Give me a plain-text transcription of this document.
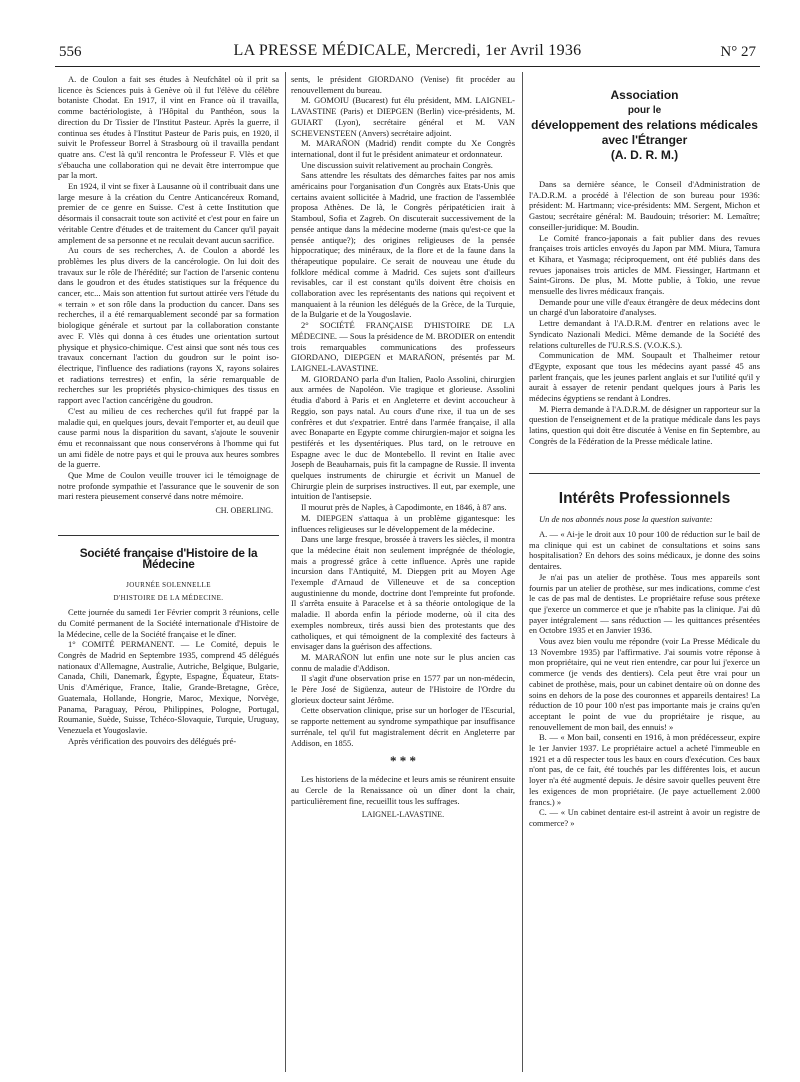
556	LA PRESSE MÉDICALE, Mercredi, 1er Avril 1936	N° 27

A. de Coulon a fait ses études à Neufchâtel où il prit sa licence ès Sciences puis à Genève où il fut l'élève du célèbre botaniste Chodat. En 1917, il vint en France où il travailla, comme bactériologiste, à l'Hôpital du Panthéon, sous la direction du Dr Tissier de l'Institut Pasteur. Après la guerre, il continua ses études à l'Institut Pasteur de Paris puis, en 1920, il suivit le Professeur Borrel à Strasbourg où il travailla pendant quatre ans. C'est là qu'il rencontra le Professeur F. Vlès et que s'ébaucha une collaboration qui ne devait être interrompue que par la mort.

En 1924, il vint se fixer à Lausanne où il contribuait dans une large mesure à la création du Centre Anticancéreux Romand, premier de ce genre en Suisse. C'est à cette Institution que désormais il consacrait toute son activité et c'est pour en faire un véritable Centre d'études et de traitement du Cancer qu'il payait amplement de sa personne et ne reculait devant aucun sacrifice.

Au cours de ses recherches, A. de Coulon a abordé les problèmes les plus divers de la cancérologie. On lui doit des travaux sur le rôle de l'hérédité; sur l'action de l'arsenic contenu dans le goudron et des études statistiques sur la fréquence du cancer, etc... Mais son attention fut surtout attirée vers l'étude du « terrain » et son rôle dans la production du cancer. Dans ses recherches, il a été remarquablement secondé par sa formation biologique générale et surtout par la collaboration constante avec F. Vlès qui donna à ces études une orientation surtout physique et physico-chimique. C'est ainsi que sont nés tous ces travaux concernant l'action du goudron sur le point iso-électrique, l'influence des radiations (rayons X, rayons solaires et radiations terrestres) et enfin, la série remarquable de recherches sur les propriétés physico-chimiques des tissus en rapport avec l'action cancérigène du goudron.

C'est au milieu de ces recherches qu'il fut frappé par la maladie qui, en quelques jours, devait l'emporter et, au deuil que cause parmi nous la disparition du savant, s'ajoute le souvenir ému et reconnaissant que nous conservérons à l'homme qui fut un ami fidèle de notre pays et qui le prouva aux heures sombres de la guerre.

Que Mme de Coulon veuille trouver ici le témoignage de notre profonde sympathie et l'assurance que le souvenir de son mari restera pieusement conservé dans notre mémoire.

CH. OBERLING.
Société française d'Histoire de la Médecine
JOURNÉE SOLENNELLE
D'HISTOIRE DE LA MÉDECINE.

Cette journée du samedi 1er Février comprit 3 réunions, celle du Comité permanent de la Société internationale d'Histoire de la Médecine, celle de la Société française et le dîner.

1° COMITÉ PERMANENT. — Le Comité, depuis le Congrès de Madrid en Septembre 1935, comprend 45 délégués nationaux d'Allemagne, Australie, Autriche, Belgique, Bulgarie, Canada, Chili, Danemark, Égypte, Espagne, Équateur, Etats-Unis d'Amérique, France, Italie, Grande-Bretagne, Grèce, Guatemala, Hollande, Hongrie, Maroc, Mexique, Norvège, Panama, Paraguay, Pérou, Philippines, Pologne, Portugal, Roumanie, Suède, Suisse, Tchéco-Slovaquie, Turquie, Uruguay, Venezuela et Yougoslavie.

Après vérification des pouvoirs des délégués pré-

sents, le président GIORDANO (Venise) fit procéder au renouvellement du bureau.

M. GOMOIU (Bucarest) fut élu président, MM. LAIGNEL-LAVASTINE (Paris) et DIEPGEN (Berlin) vice-présidents, M. GUIART (Lyon), secrétaire général et M. VAN SCHEVENSTEEN (Anvers) secrétaire adjoint.

M. MARAÑON (Madrid) rendit compte du Xe Congrès international, dont il fut le président animateur et ordonnateur.

Une discussion suivit relativement au prochain Congrès.

Sans attendre les résultats des démarches faites par nos amis américains pour l'organisation d'un Congrès aux Etats-Unis que certains avaient sollicitée à Madrid, une fraction de l'assemblée proposa Athènes. De là, le Congrès péripatéticien irait à Stamboul, Sofia et Zagreb. On discuterait successivement de la pensée antique dans la médecine moderne (mais qu'est-ce que la pensée antique?); des origines religieuses de la pensée hippocratique; des minéraux, de la flore et de la faune dans la thérapeutique populaire. Ce serait de nouveau une étude du folklore médical comme à Madrid. Ces sujets sont d'ailleurs revisables, car il est constant qu'ils doivent être choisis en collaboration avec les représentants des nations qui reçoivent et manquaient à la réunion les délégués de la Grèce, de la Turquie, de la Bulgarie et de la Yougoslavie.

2° SOCIÉTÉ FRANÇAISE D'HISTOIRE DE LA MÉDECINE. — Sous la présidence de M. BRODIER on entendit trois remarquables communications des professeurs GIORDANO, DIEPGEN et MARAÑON, présentés par M. LAIGNEL-LAVASTINE.

M. GIORDANO parla d'un Italien, Paolo Assolini, chirurgien aux armées de Napoléon. Vie tragique et glorieuse. Assolini étudia d'abord à Paris et en Angleterre et devint accoucheur à Reggio, son pays natal. Au cours d'une rixe, il tua un de ses confrères et dut s'expatrier. Entré dans l'armée française, il alla avec Bonaparte en Egypte comme chirurgien-major et soigna les pestiférés et les dysentériques. Plus tard, on le retrouve en Espagne avec le duc de Montebello. Il revint en Italie avec Joseph de Beauharnais, puis fit la campagne de Russie. Il inventa quelques instruments de chirurgie et écrivit un Manuel de Chirurgie plein de surprises instructives. Il eut, par exemple, une intuition de l'antisepsie.

Il mourut près de Naples, à Capodimonte, en 1846, à 87 ans.

M. DIEPGEN s'attaqua à un problème gigantesque: les influences religieuses sur le développement de la médecine.

Dans une large fresque, brossée à travers les siècles, il montra que la médecine était non seulement imprégnée de théologie, mais a progressé grâce à cette influence. Après une rapide incursion dans l'Antiquité, M. Diepgen prit au Moyen Age l'exemple d'Arnaud de Villeneuve et de sa conception augustinienne du monde, doctrine dont l'empreinte fut profonde. Il s'arrêta ensuite à Paracelse et à sa théorie ontologique de la maladie. Il aborda enfin la période moderne, où il cita des exemples nombreux, tirés aussi bien des protestants que des catholiques, et qui témoignent de la complexité des facteurs à envisager dans la guérison des affections.

M. MARAÑON lut enfin une note sur le plus ancien cas connu de maladie d'Addison.

Il s'agit d'une observation prise en 1577 par un non-médecin, le Père José de Sigüenza, auteur de l'Histoire de l'Ordre du glorieux docteur saint Jérôme.

Cette observation clinique, prise sur un horloger de l'Escurial, se rapporte nettement au syndrome sympathique par insuffisance surrénale, tel qu'il fut magistralement décrit en Angleterre par Addison, en 1855.

* * *

Les historiens de la médecine et leurs amis se réunirent ensuite au Cercle de la Renaissance où un dîner dont la chair, particulièrement fine, recueillit tous les suffrages.

LAIGNEL-LAVASTINE.
Association
pour le
développement des relations médicales
avec l'Étranger
(A. D. R. M.)

Dans sa dernière séance, le Conseil d'Administration de l'A.D.R.M. a procédé à l'élection de son bureau pour 1936: président: M. Hartmann; vice-présidents: MM. Sergent, Michon et Gastou; secrétaire général: M. Baudouin; trésorier: M. Lemaître; conseiller-juridique: M. Boudin.

Le Comité franco-japonais a fait publier dans des revues françaises trois articles envoyés du Japon par MM. Miura, Tamura et Kihara, et Yasmaga; réciproquement, ont été publiés dans des revues japonaises trois articles de MM. Fiessinger, Hartmann et Saint-Girons. De plus, M. Motte publie, à Tokio, une revue mensuelle des livres médicaux français.

Demande pour une ville d'eaux étrangère de deux médecins dont un chargé d'un laboratoire d'analyses.

Lettre demandant à l'A.D.R.M. d'entrer en relations avec le Syndicato Nazionali Medici. Même demande de la Société des relations culturelles de l'U.R.S.S. (V.O.K.S.).

Communication de MM. Soupault et Thalheimer retour d'Egypte, exposant que tous les médecins ayant passé 45 ans parlent français, que les jeunes parlent anglais et sur l'utilité qu'il y aurait à essayer de retenir pendant quelques jours à Paris les médecins égyptiens se rendant à Londres.

M. Pierra demande à l'A.D.R.M. de désigner un rapporteur sur la question de l'enseignement et de la pratique médicale dans les pays latins, question qui doit être discutée à Venise en fin Septembre, au Congrès de la Fédération de la Presse médicale latine.

Intérêts Professionnels

Un de nos abonnés nous pose la question suivante:

A. — « Ai-je le droit aux 10 pour 100 de réduction sur le bail de ma clinique qui est un cabinet de consultations et soins sans hospitalisation? En dehors des soins médicaux, je donne des soins dentaires.

Je n'ai pas un atelier de prothèse. Tous mes appareils sont fournis par un atelier de prothèse, sur mes indications, comme c'est le cas de pas mal de dentistes. Le propriétaire refuse sous prétexe que j'exerce un commerce et que je n'habite pas la clinique. J'ai dû payer intégralement — sans réduction — les quittances présentées en Octobre 1935 et en Janvier 1936.

Vous avez bien voulu me répondre (voir La Presse Médicale du 13 Novembre 1935) par l'affirmative. J'ai soumis votre réponse à mon propriétaire, qui ne veut rien entendre, car pour lui j'exerce un commerce (je vends des dentiers). Cela peut être vrai pour un cabinet de prothèse, mais, pour un cabinet dentaire où on donne des soins en dehors de la pose des couronnes et appareils dentaires! La réduction de 10 pour 100 n'est pas importante mais je crains qu'en acceptant le point de vue du propriétaire je risque, au renouvellement de mon bail, des ennuis! »

B. — « Mon bail, consenti en 1916, à mon prédécesseur, expire le 1er Janvier 1937. Le propriétaire actuel a acheté l'immeuble en 1921 et a dû respecter tous les baux en cours d'exécution. Ces baux n'ont pas, de ce fait, été touchés par les différentes lois, et aucun loyer n'a été augmenté depuis. Je désire savoir quelles peuvent être les exigences de mon propriétaire. (Je paye actuellement 2.000 francs.) »

C. — « Un cabinet dentaire est-il astreint à avoir un registre de commerce? »
